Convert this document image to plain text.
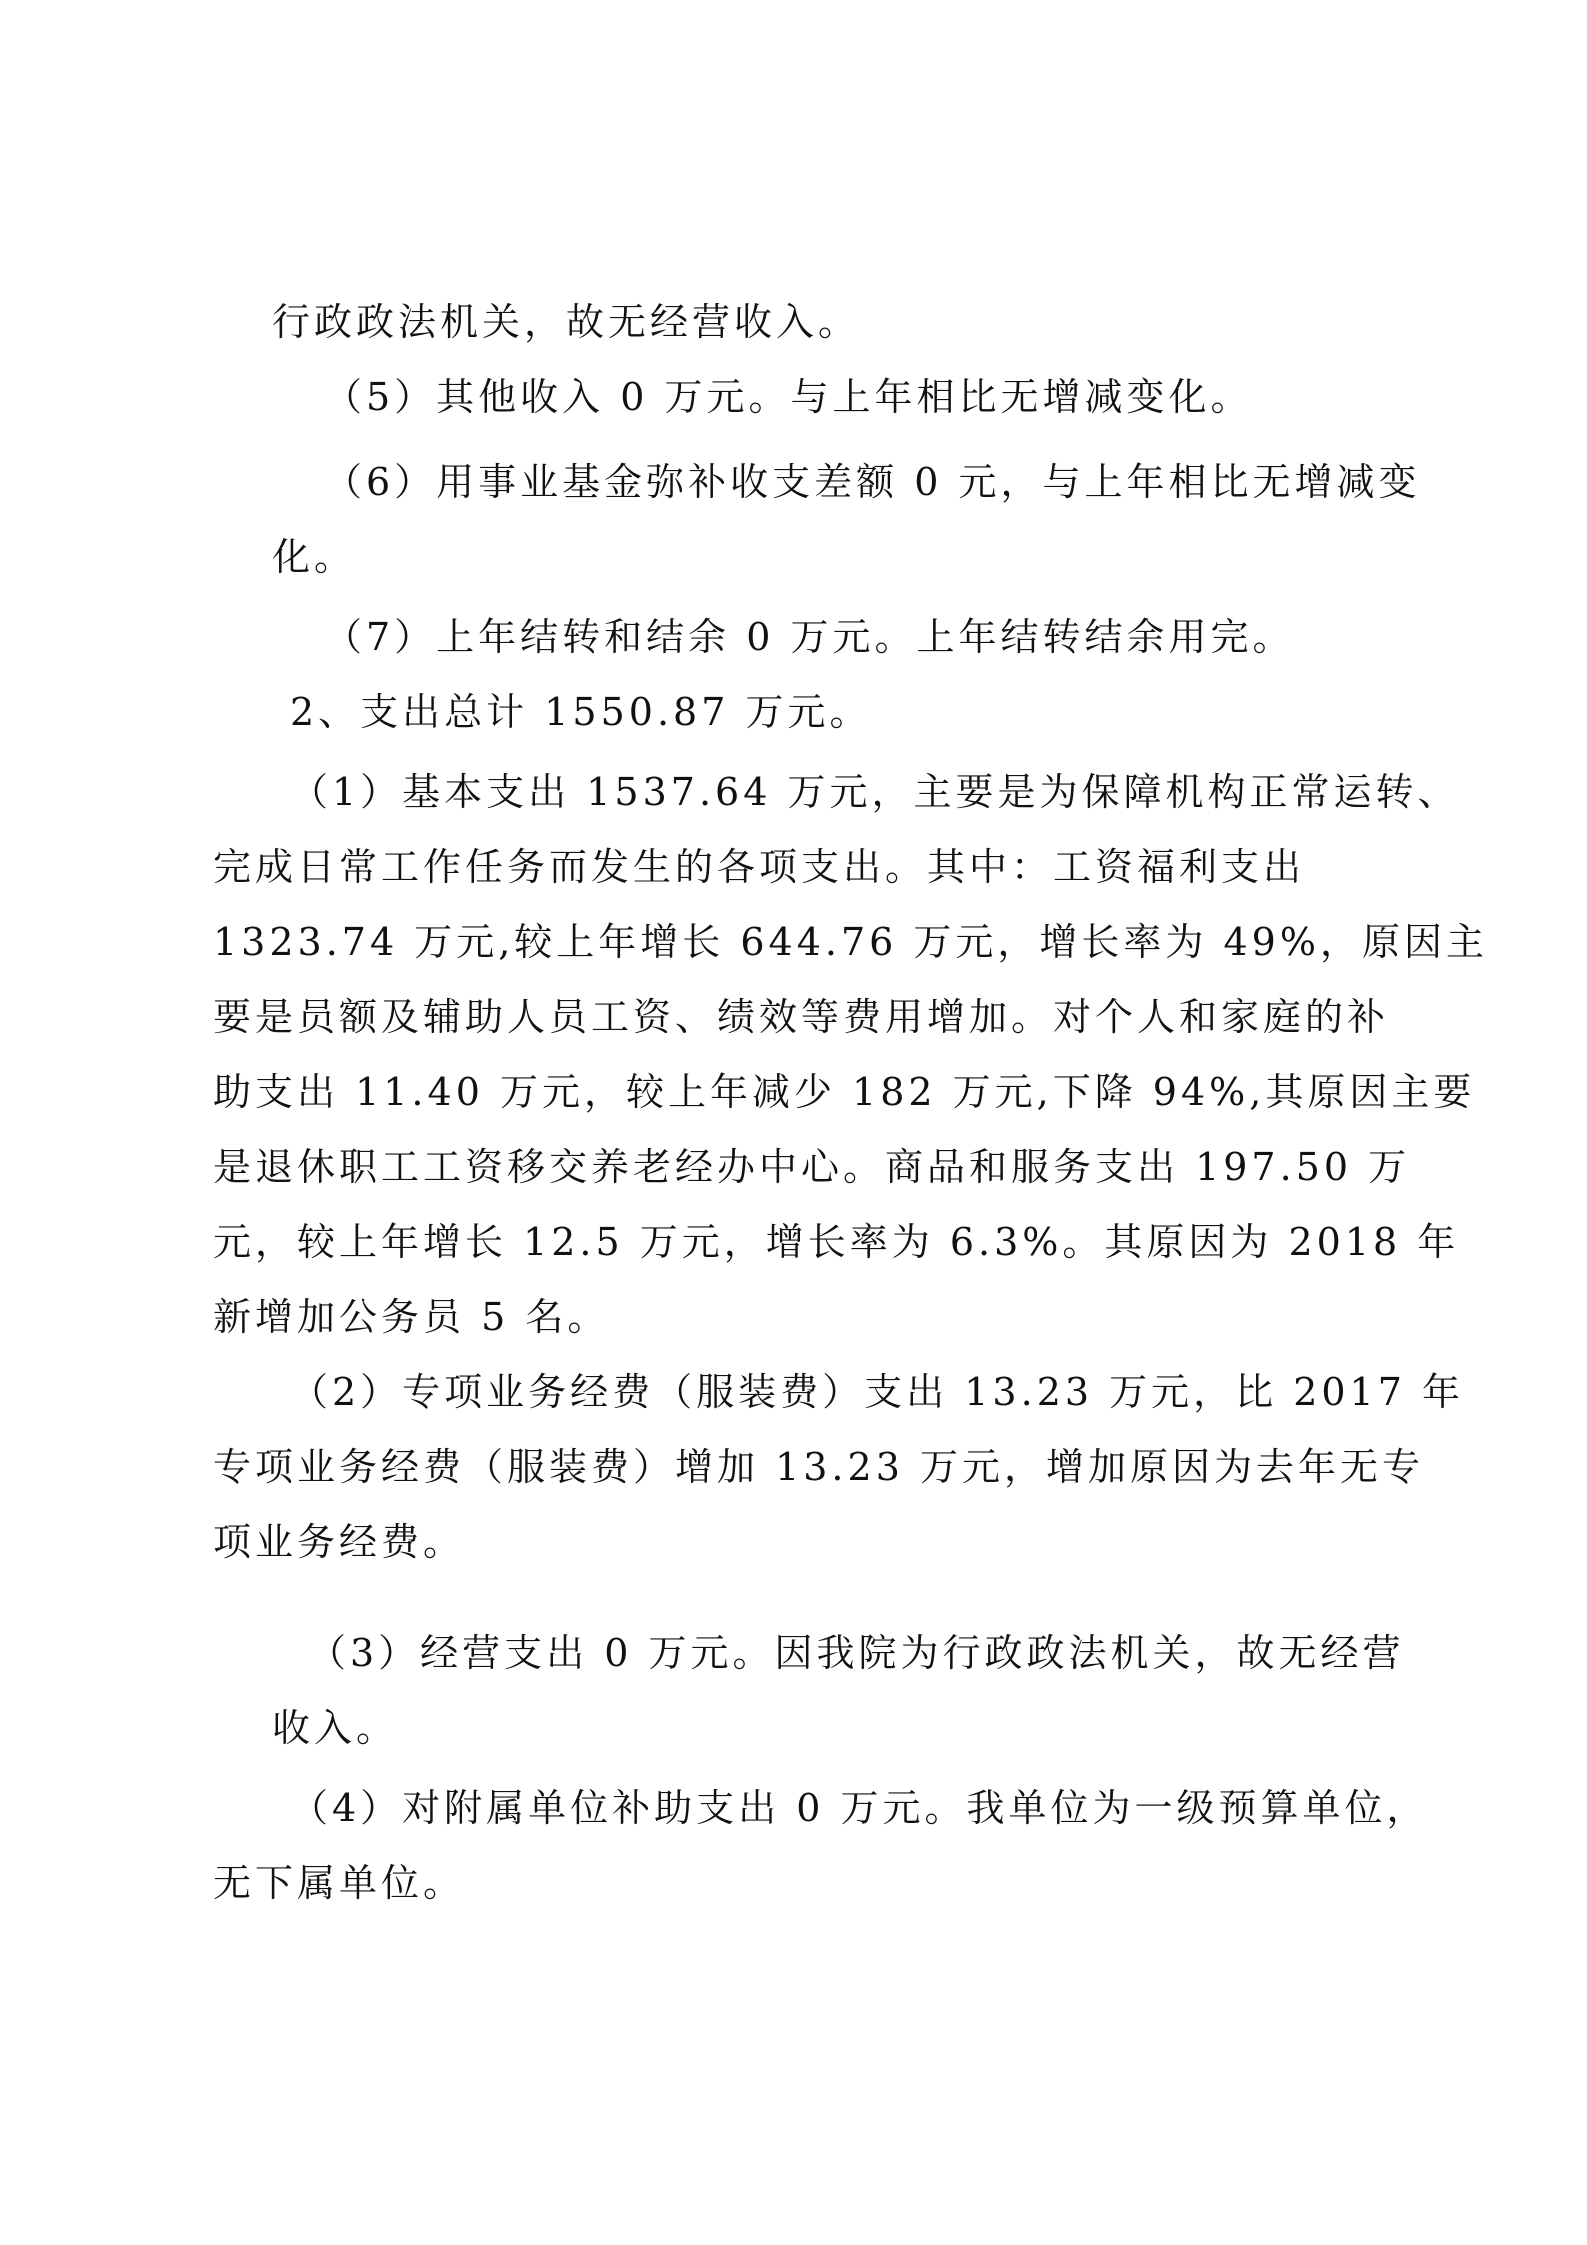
行政政法机关，故无经营收入。

（5）其他收入 0 万元。与上年相比无增减变化。

（6）用事业基金弥补收支差额 0 元，与上年相比无增减变

化。

（7）上年结转和结余 0 万元。上年结转结余用完。

2、支出总计 1550.87 万元。

（1）基本支出 1537.64 万元，主要是为保障机构正常运转、

完成日常工作任务而发生的各项支出。其中：工资福利支出

1323.74 万元,较上年增长 644.76 万元，增长率为 49%，原因主

要是员额及辅助人员工资、绩效等费用增加。对个人和家庭的补

助支出 11.40 万元，较上年减少 182 万元,下降 94%,其原因主要

是退休职工工资移交养老经办中心。商品和服务支出 197.50 万

元，较上年增长 12.5 万元，增长率为 6.3%。其原因为 2018 年

新增加公务员 5 名。

（2）专项业务经费（服装费）支出 13.23 万元，比 2017 年

专项业务经费（服装费）增加 13.23 万元，增加原因为去年无专

项业务经费。

（3）经营支出 0 万元。因我院为行政政法机关，故无经营

收入。

（4）对附属单位补助支出 0 万元。我单位为一级预算单位，

无下属单位。
